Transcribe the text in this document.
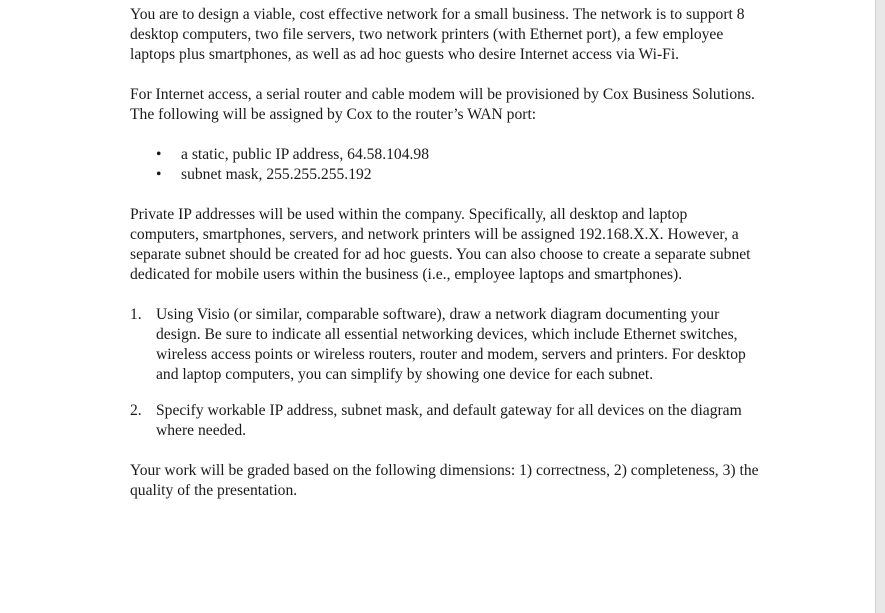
You are to design a viable, cost effective network for a small business. The network is to support 8 desktop computers, two file servers, two network printers (with Ethernet port), a few employee laptops plus smartphones, as well as ad hoc guests who desire Internet access via Wi-Fi.

For Internet access, a serial router and cable modem will be provisioned by Cox Business Solutions. The following will be assigned by Cox to the router’s WAN port:

• a static, public IP address, 64.58.104.98
• subnet mask, 255.255.255.192

Private IP addresses will be used within the company. Specifically, all desktop and laptop computers, smartphones, servers, and network printers will be assigned 192.168.X.X. However, a separate subnet should be created for ad hoc guests. You can also choose to create a separate subnet dedicated for mobile users within the business (i.e., employee laptops and smartphones).

1. Using Visio (or similar, comparable software), draw a network diagram documenting your design. Be sure to indicate all essential networking devices, which include Ethernet switches, wireless access points or wireless routers, router and modem, servers and printers. For desktop and laptop computers, you can simplify by showing one device for each subnet.
2. Specify workable IP address, subnet mask, and default gateway for all devices on the diagram where needed.

Your work will be graded based on the following dimensions: 1) correctness, 2) completeness, 3) the quality of the presentation.
